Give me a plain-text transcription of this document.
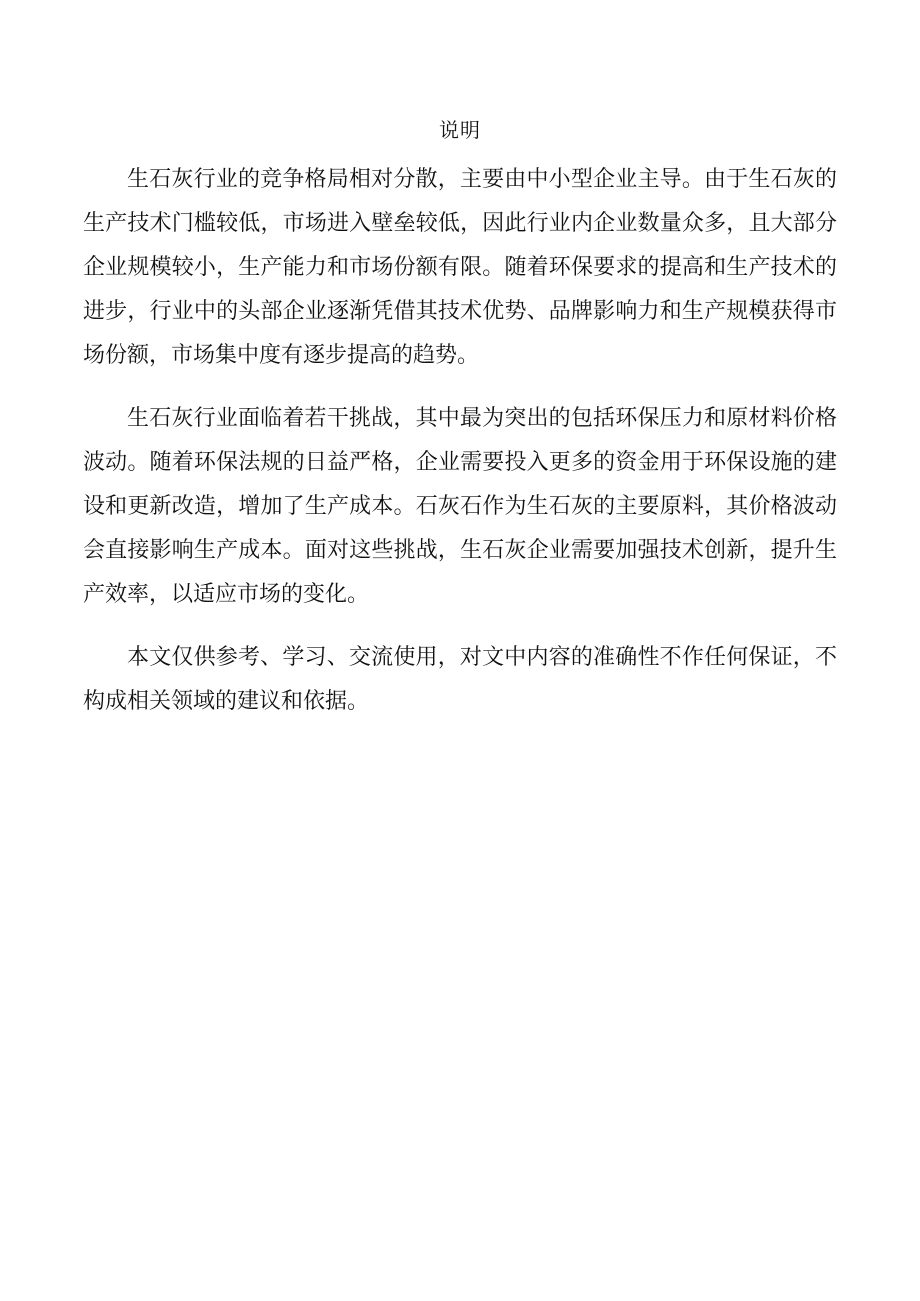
说明

生石灰行业的竞争格局相对分散，主要由中小型企业主导。由于生石灰的生产技术门槛较低，市场进入壁垒较低，因此行业内企业数量众多，且大部分企业规模较小，生产能力和市场份额有限。随着环保要求的提高和生产技术的进步，行业中的头部企业逐渐凭借其技术优势、品牌影响力和生产规模获得市场份额，市场集中度有逐步提高的趋势。

生石灰行业面临着若干挑战，其中最为突出的包括环保压力和原材料价格波动。随着环保法规的日益严格，企业需要投入更多的资金用于环保设施的建设和更新改造，增加了生产成本。石灰石作为生石灰的主要原料，其价格波动会直接影响生产成本。面对这些挑战，生石灰企业需要加强技术创新，提升生产效率，以适应市场的变化。

本文仅供参考、学习、交流使用，对文中内容的准确性不作任何保证，不构成相关领域的建议和依据。
